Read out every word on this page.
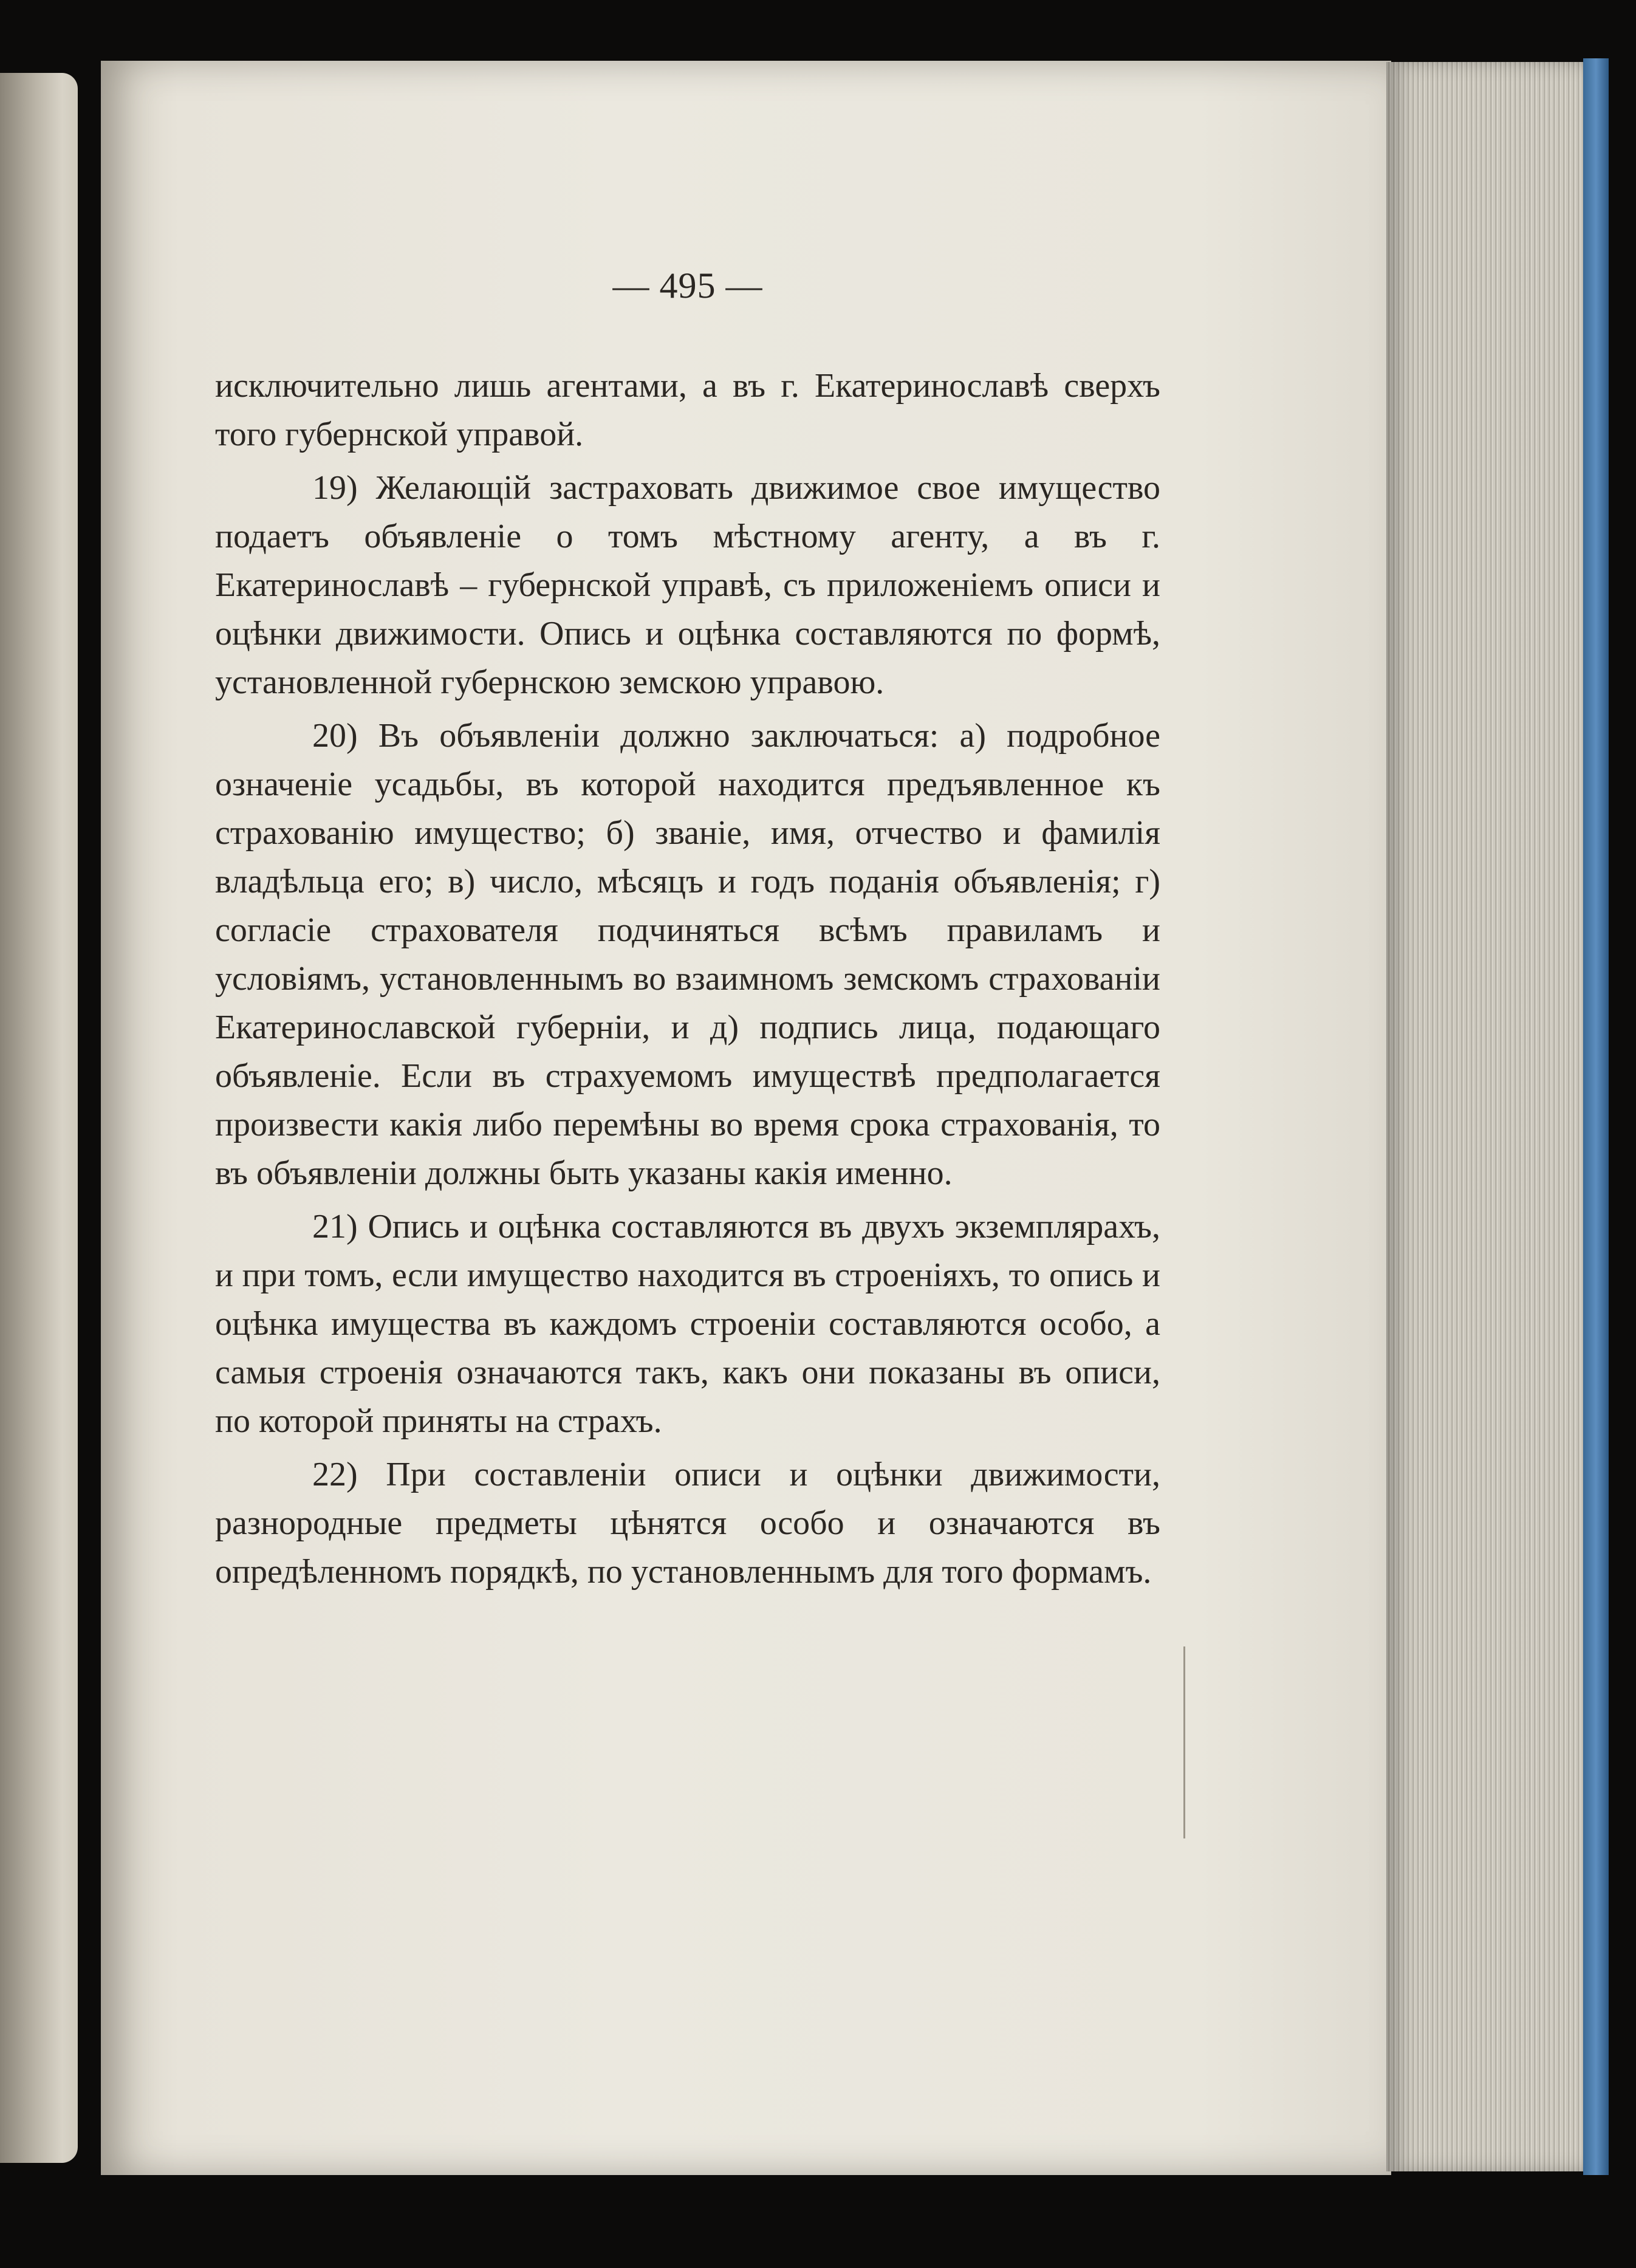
— 495 —

исключительно лишь агентами, а въ г. Екатеринославѣ сверхъ того губернской управой.

19) Желающій застраховать движимое свое имущество подаетъ объявленіе о томъ мѣстному агенту, а въ г. Екатеринославѣ – губернской управѣ, съ приложеніемъ описи и оцѣнки движимости. Опись и оцѣнка составляются по формѣ, установленной губернскою земскою управою.

20) Въ объявленіи должно заключаться: а) подробное означеніе усадьбы, въ которой находится предъявленное къ страхованію имущество; б) званіе, имя, отчество и фамилія владѣльца его; в) число, мѣсяцъ и годъ поданія объявленія; г) согласіе страхователя подчиняться всѣмъ правиламъ и условіямъ, установленнымъ во взаимномъ земскомъ страхованіи Екатеринославской губерніи, и д) подпись лица, подающаго объявленіе. Если въ страхуемомъ имуществѣ предполагается произвести какія либо перемѣны во время срока страхованія, то въ объявленіи должны быть указаны какія именно.

21) Опись и оцѣнка составляются въ двухъ экземплярахъ, и при томъ, если имущество находится въ строеніяхъ, то опись и оцѣнка имущества въ каждомъ строеніи составляются особо, а самыя строенія означаются такъ, какъ они показаны въ описи, по которой приняты на страхъ.

22) При составленіи описи и оцѣнки движимости, разнородные предметы цѣнятся особо и означаются въ опредѣленномъ порядкѣ, по установленнымъ для того формамъ.
